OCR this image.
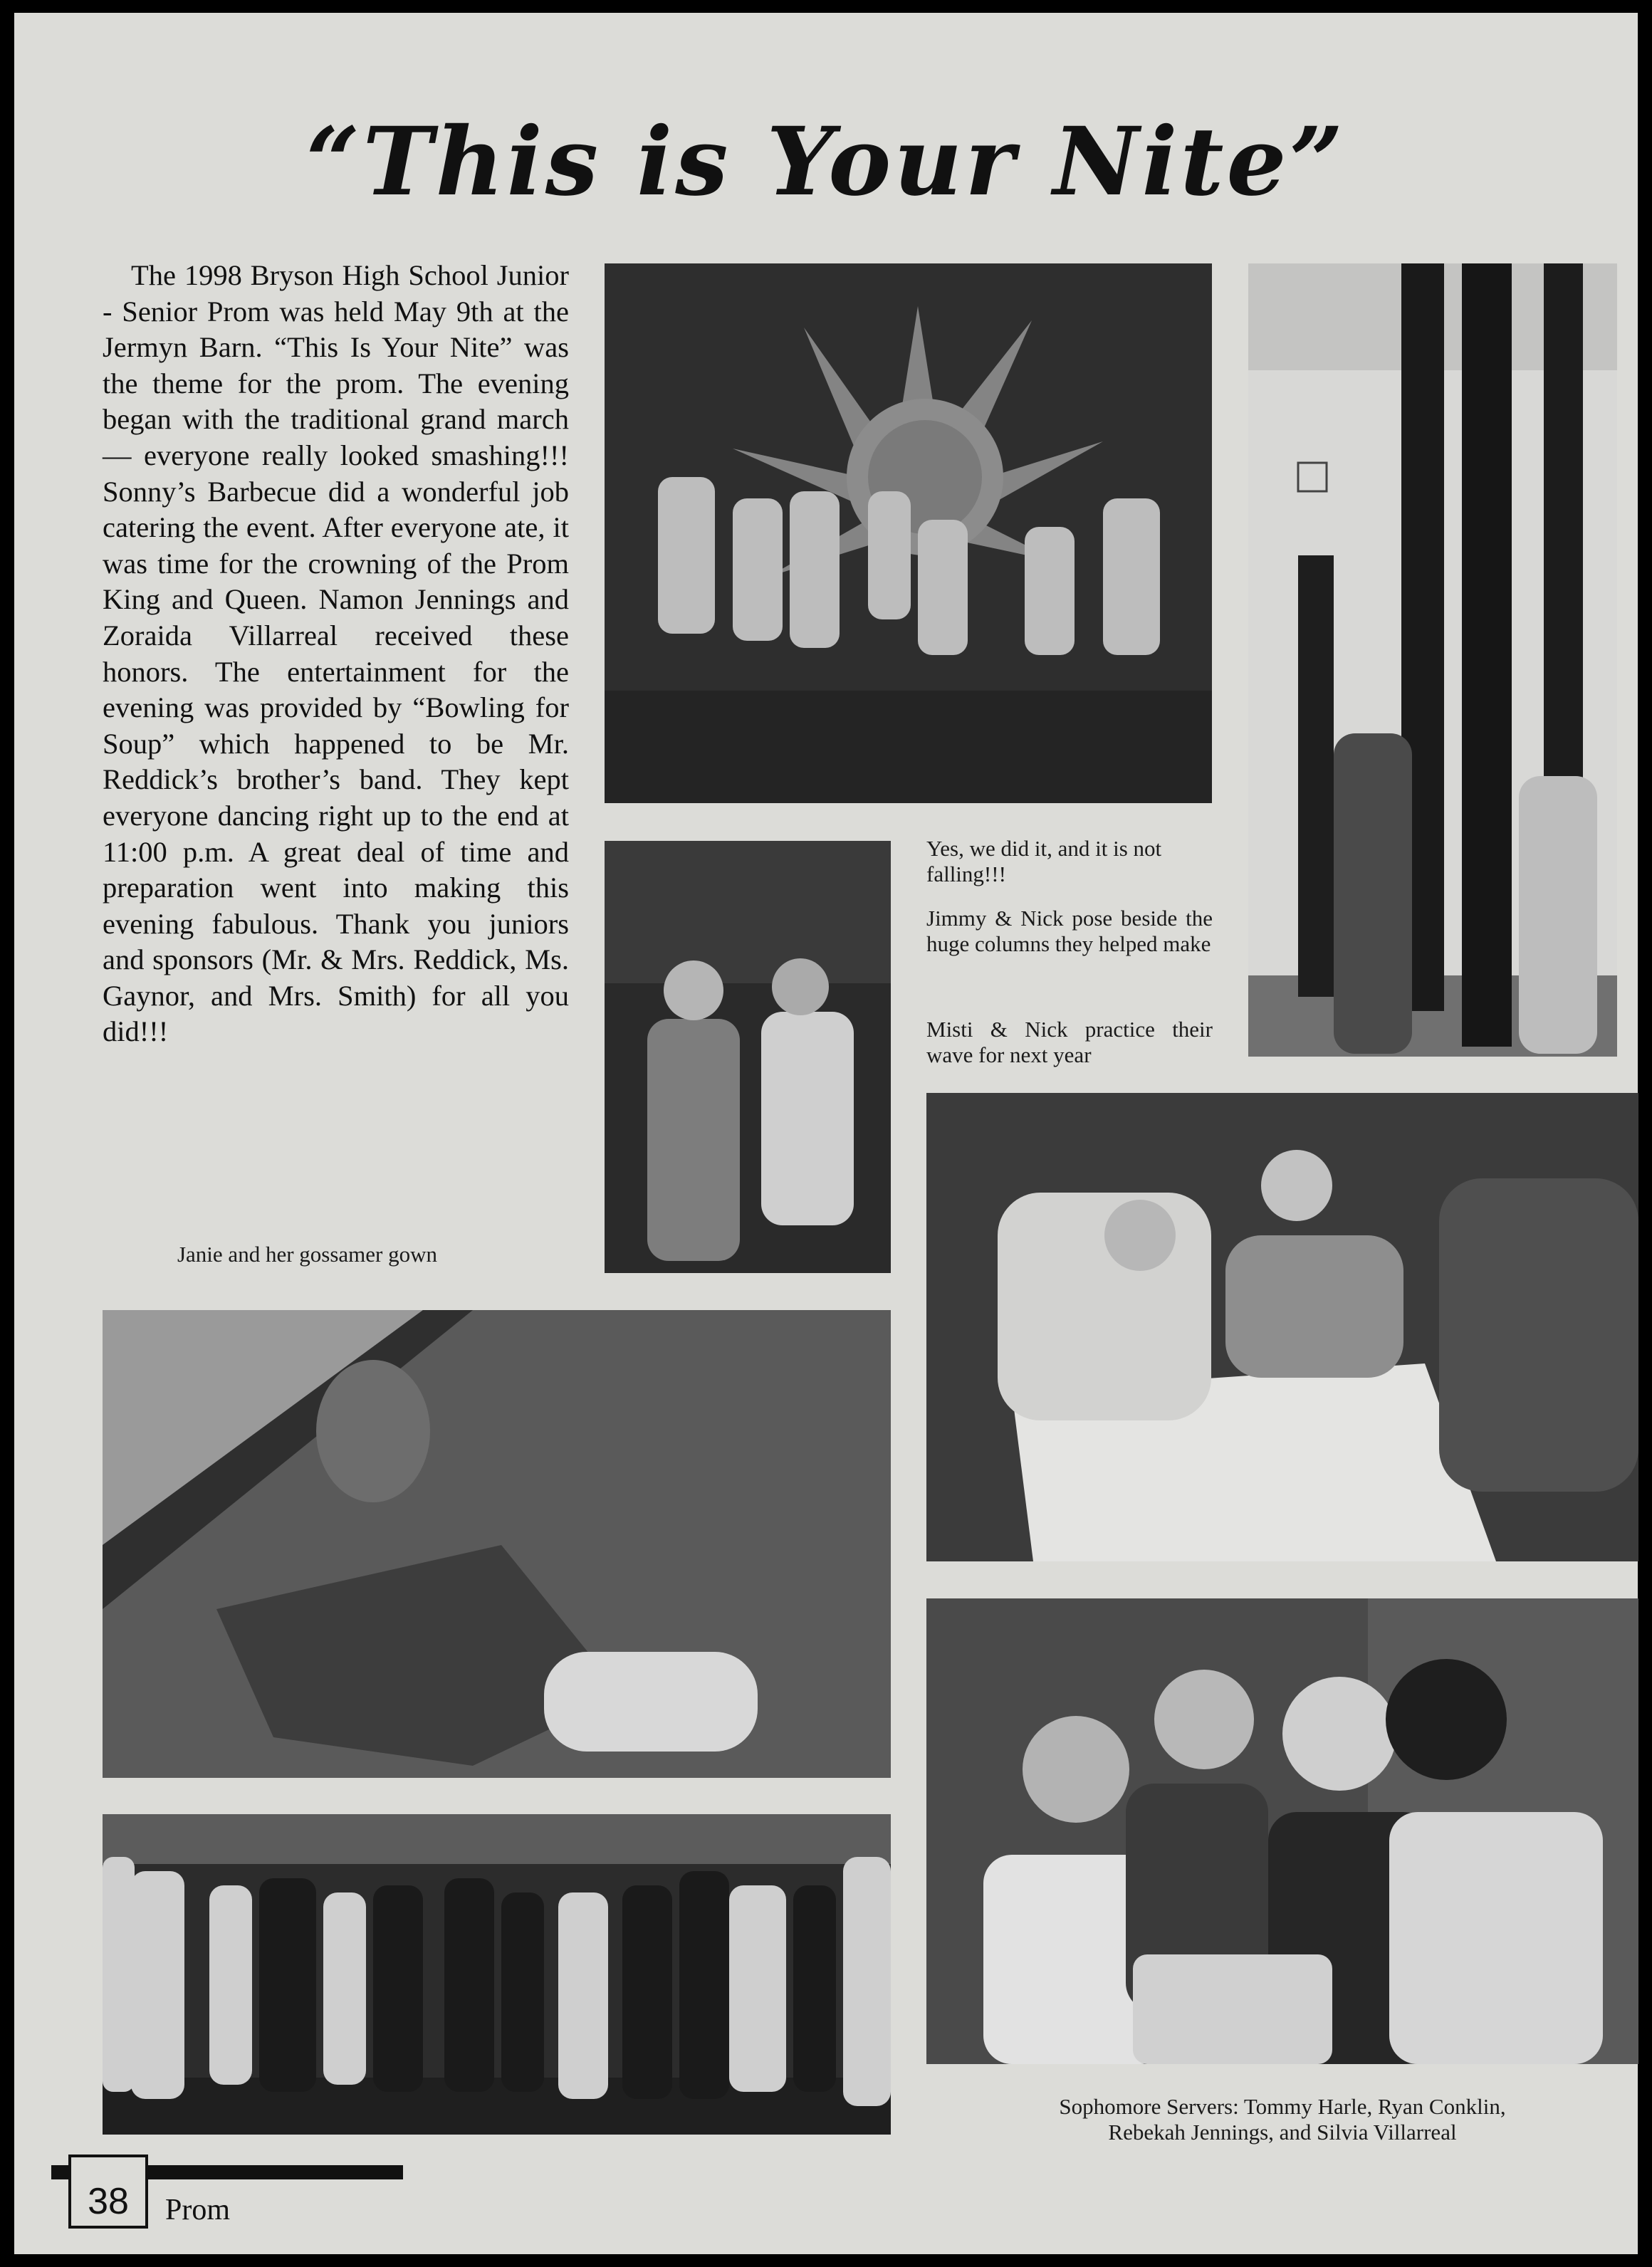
“This is Your Nite”

The 1998 Bryson High School Junior - Senior Prom was held May 9th at the Jermyn Barn. “This Is Your Nite” was the theme for the prom. The evening began with the traditional grand march — everyone really looked smashing!!! Sonny’s Barbecue did a wonderful job catering the event. After everyone ate, it was time for the crowning of the Prom King and Queen. Namon Jennings and Zoraida Villarreal received these honors. The entertainment for the evening was provided by “Bowling for Soup” which happened to be Mr. Reddick’s brother’s band. They kept everyone dancing right up to the end at 11:00 p.m. A great deal of time and preparation went into making this evening fabulous. Thank you juniors and sponsors (Mr. & Mrs. Reddick, Ms. Gaynor, and Mrs. Smith) for all you did!!!

Yes, we did it, and it is not falling!!!

Jimmy & Nick pose beside the huge columns they helped make

Misti & Nick practice their wave for next year

Janie and her gossamer gown

Sophomore Servers: Tommy Harle, Ryan Conklin,

Rebekah Jennings, and Silvia Villarreal

38	Prom
